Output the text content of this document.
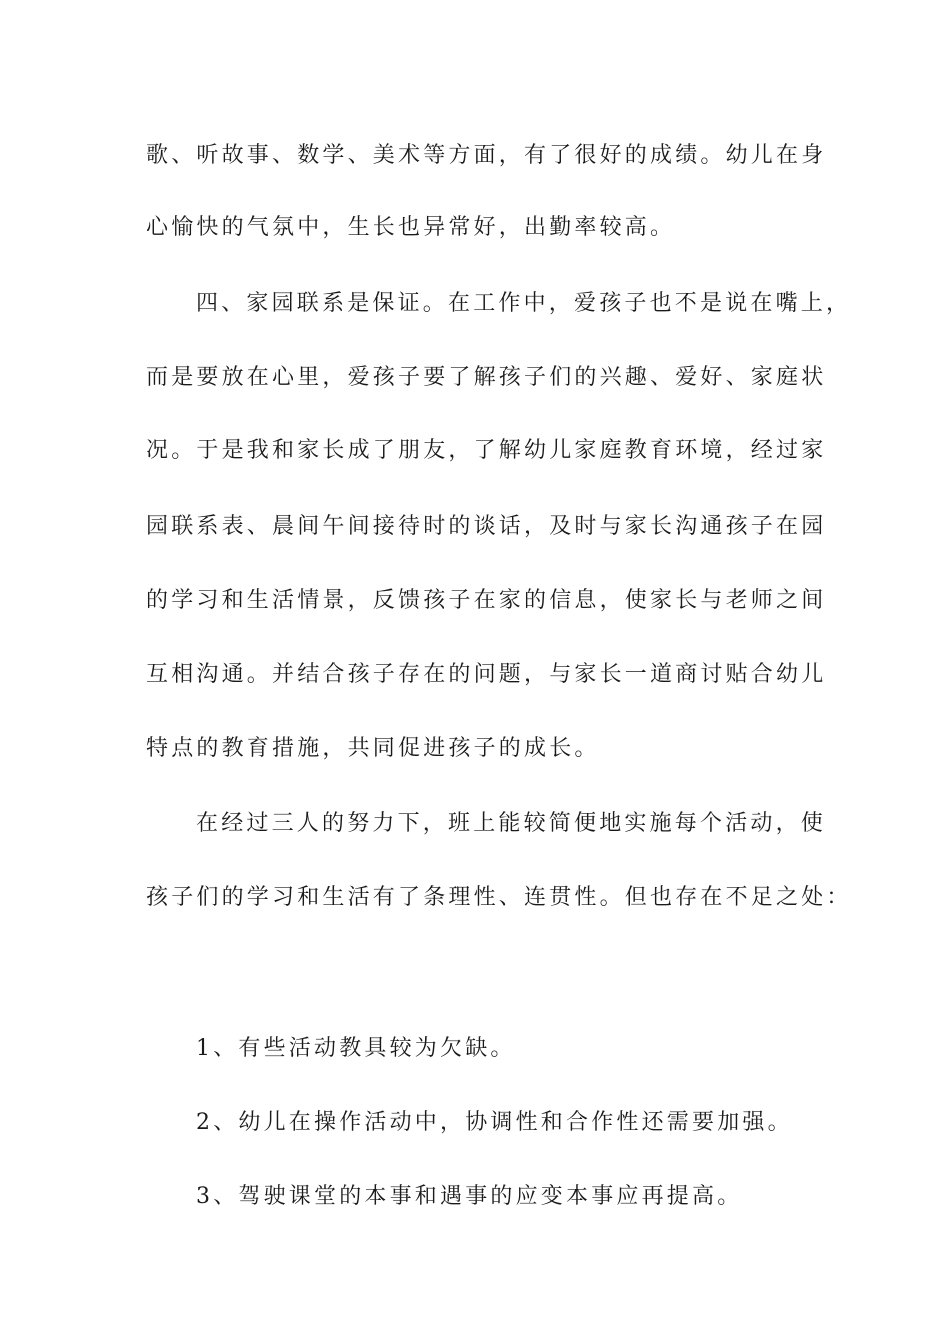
歌、听故事、数学、美术等方面，有了很好的成绩。幼儿在身
心愉快的气氛中，生长也异常好，出勤率较高。
四、家园联系是保证。在工作中，爱孩子也不是说在嘴上，
而是要放在心里，爱孩子要了解孩子们的兴趣、爱好、家庭状
况。于是我和家长成了朋友，了解幼儿家庭教育环境，经过家
园联系表、晨间午间接待时的谈话，及时与家长沟通孩子在园
的学习和生活情景，反馈孩子在家的信息，使家长与老师之间
互相沟通。并结合孩子存在的问题，与家长一道商讨贴合幼儿
特点的教育措施，共同促进孩子的成长。
在经过三人的努力下，班上能较简便地实施每个活动，使
孩子们的学习和生活有了条理性、连贯性。但也存在不足之处：
1、有些活动教具较为欠缺。
2、幼儿在操作活动中，协调性和合作性还需要加强。
3、驾驶课堂的本事和遇事的应变本事应再提高。
